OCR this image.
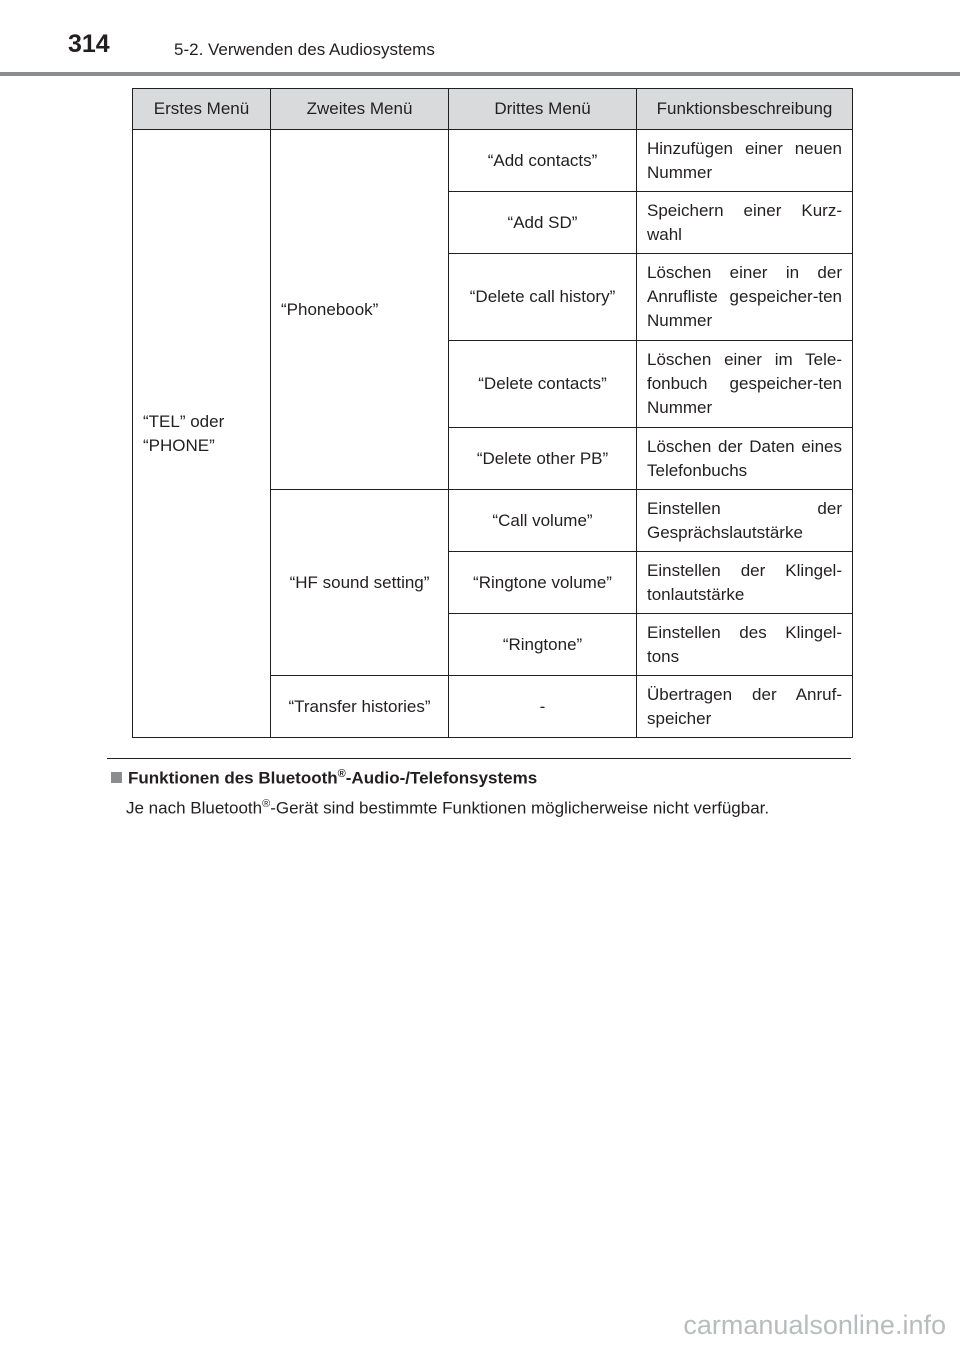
314	5-2. Verwenden des Audiosystems
Erstes Menü	Zweites Menü	Drittes Menü	Funktionsbeschreibung
“TEL” oder
“PHONE”	“Phonebook”	“Add contacts”	Hinzufügen einer neuen Nummer
		“Add SD”	Speichern einer Kurz-wahl
		“Delete call history”	Löschen einer in der Anrufliste gespeicher-ten Nummer
		“Delete contacts”	Löschen einer im Tele-fonbuch gespeicher-ten Nummer
		“Delete other PB”	Löschen der Daten eines Telefonbuchs
	“HF sound setting”	“Call volume”	Einstellen der Gesprächslautstärke
		“Ringtone volume”	Einstellen der Klingel-tonlautstärke
		“Ringtone”	Einstellen des Klingel-tons
	“Transfer histories”	-	Übertragen der Anruf-speicher
Funktionen des Bluetooth®-Audio-/Telefonsystems
Je nach Bluetooth®-Gerät sind bestimmte Funktionen möglicherweise nicht verfügbar.
carmanualsonline.info
